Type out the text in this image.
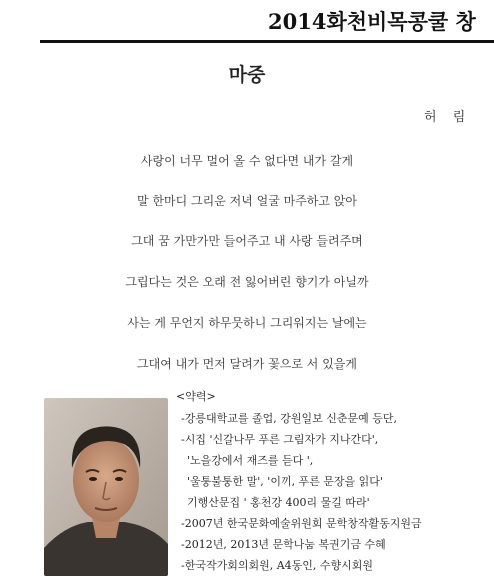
2014화천비목콩쿨 창
마중
허 림
사랑이 너무 멀어 올 수 없다면 내가 갈게
말 한마디 그리운 저녁 얼굴 마주하고 앉아
그대 꿈 가만가만 들어주고 내 사랑 들려주며
그립다는 것은 오래 전 잃어버린 향기가 아닐까
사는 게 무언지 하무뭇하니 그리워지는 날에는
그대여 내가 먼저 달려가 꽃으로 서 있을게
<약력>
-강릉대학교를 졸업, 강원일보 신춘문예 등단,
-시집 '신갈나무 푸른 그림자가 지나간다',
'노을강에서 재즈를 듣다 ',
'울퉁불퉁한 말', '이끼, 푸른 문장을 읽다'
기행산문집 ' 홍천강 400리 물길 따라'
-2007년 한국문화예술위원회 문학창작활동지원금
-2012년, 2013년 문학나눔 복권기금 수혜
-한국작가회의회원, A4동인, 수향시회원
